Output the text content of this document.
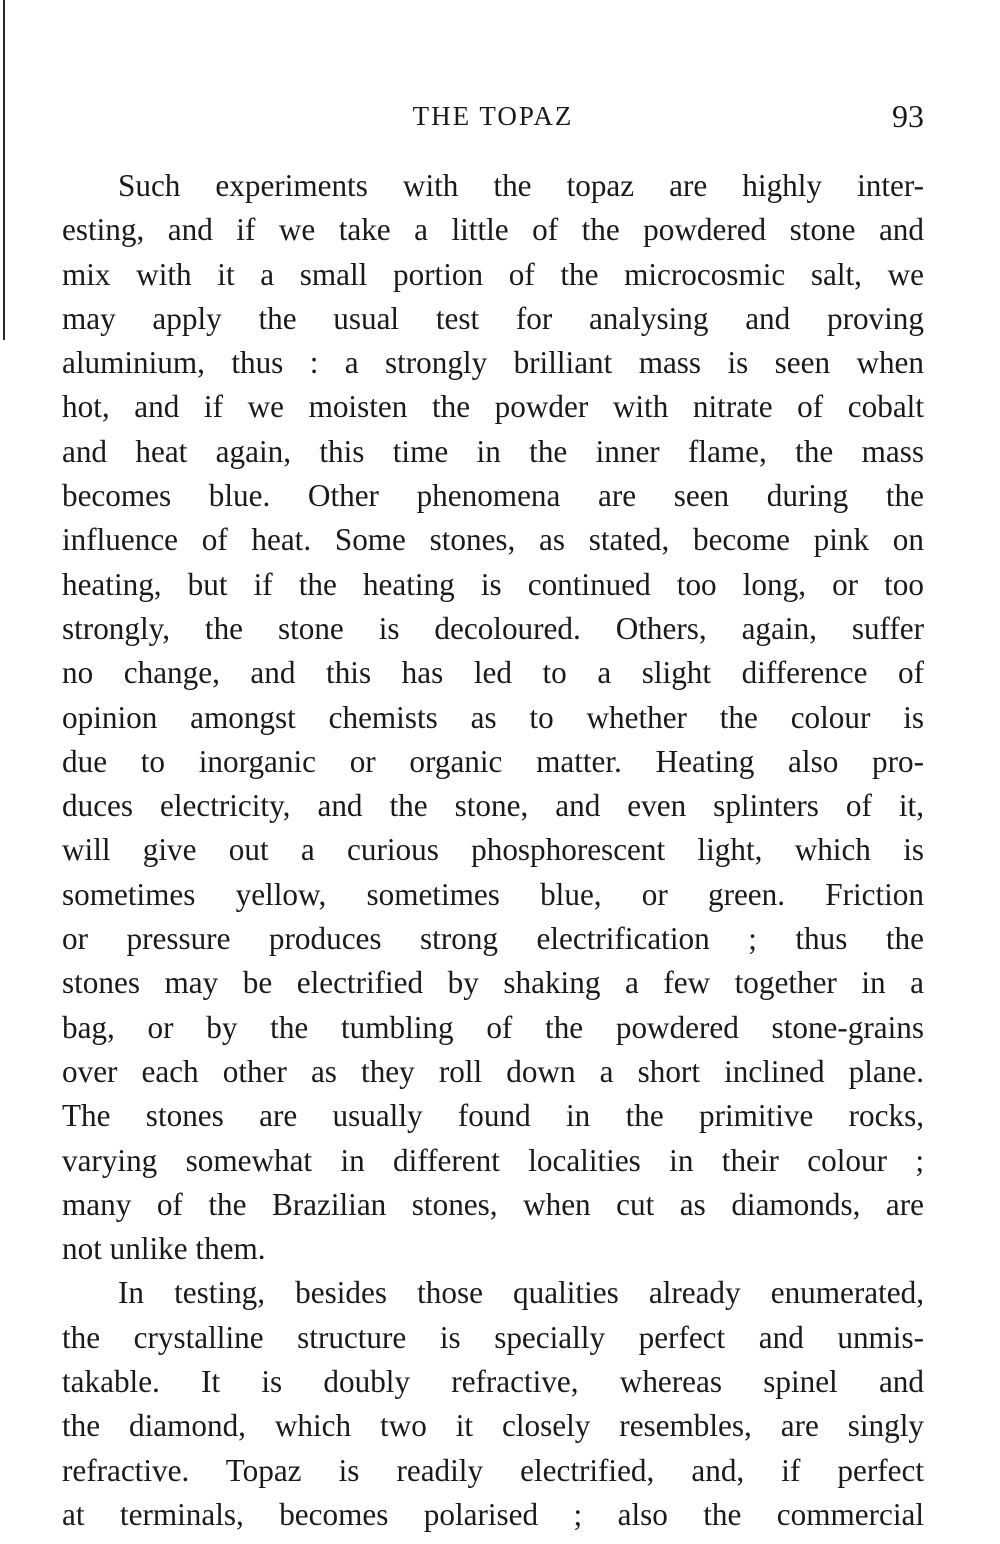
THE TOPAZ	93
Such experiments with the topaz are highly inter-
esting, and if we take a little of the powdered stone and
mix with it a small portion of the microcosmic salt, we
may apply the usual test for analysing and proving
aluminium, thus : a strongly brilliant mass is seen when
hot, and if we moisten the powder with nitrate of cobalt
and heat again, this time in the inner flame, the mass
becomes blue. Other phenomena are seen during the
influence of heat. Some stones, as stated, become pink on
heating, but if the heating is continued too long, or too
strongly, the stone is decoloured. Others, again, suffer
no change, and this has led to a slight difference of
opinion amongst chemists as to whether the colour is
due to inorganic or organic matter. Heating also pro-
duces electricity, and the stone, and even splinters of it,
will give out a curious phosphorescent light, which is
sometimes yellow, sometimes blue, or green. Friction
or pressure produces strong electrification ; thus the
stones may be electrified by shaking a few together in a
bag, or by the tumbling of the powdered stone-grains
over each other as they roll down a short inclined plane.
The stones are usually found in the primitive rocks,
varying somewhat in different localities in their colour ;
many of the Brazilian stones, when cut as diamonds, are
not unlike them.
In testing, besides those qualities already enumerated,
the crystalline structure is specially perfect and unmis-
takable. It is doubly refractive, whereas spinel and
the diamond, which two it closely resembles, are singly
refractive. Topaz is readily electrified, and, if perfect
at terminals, becomes polarised ; also the commercial
